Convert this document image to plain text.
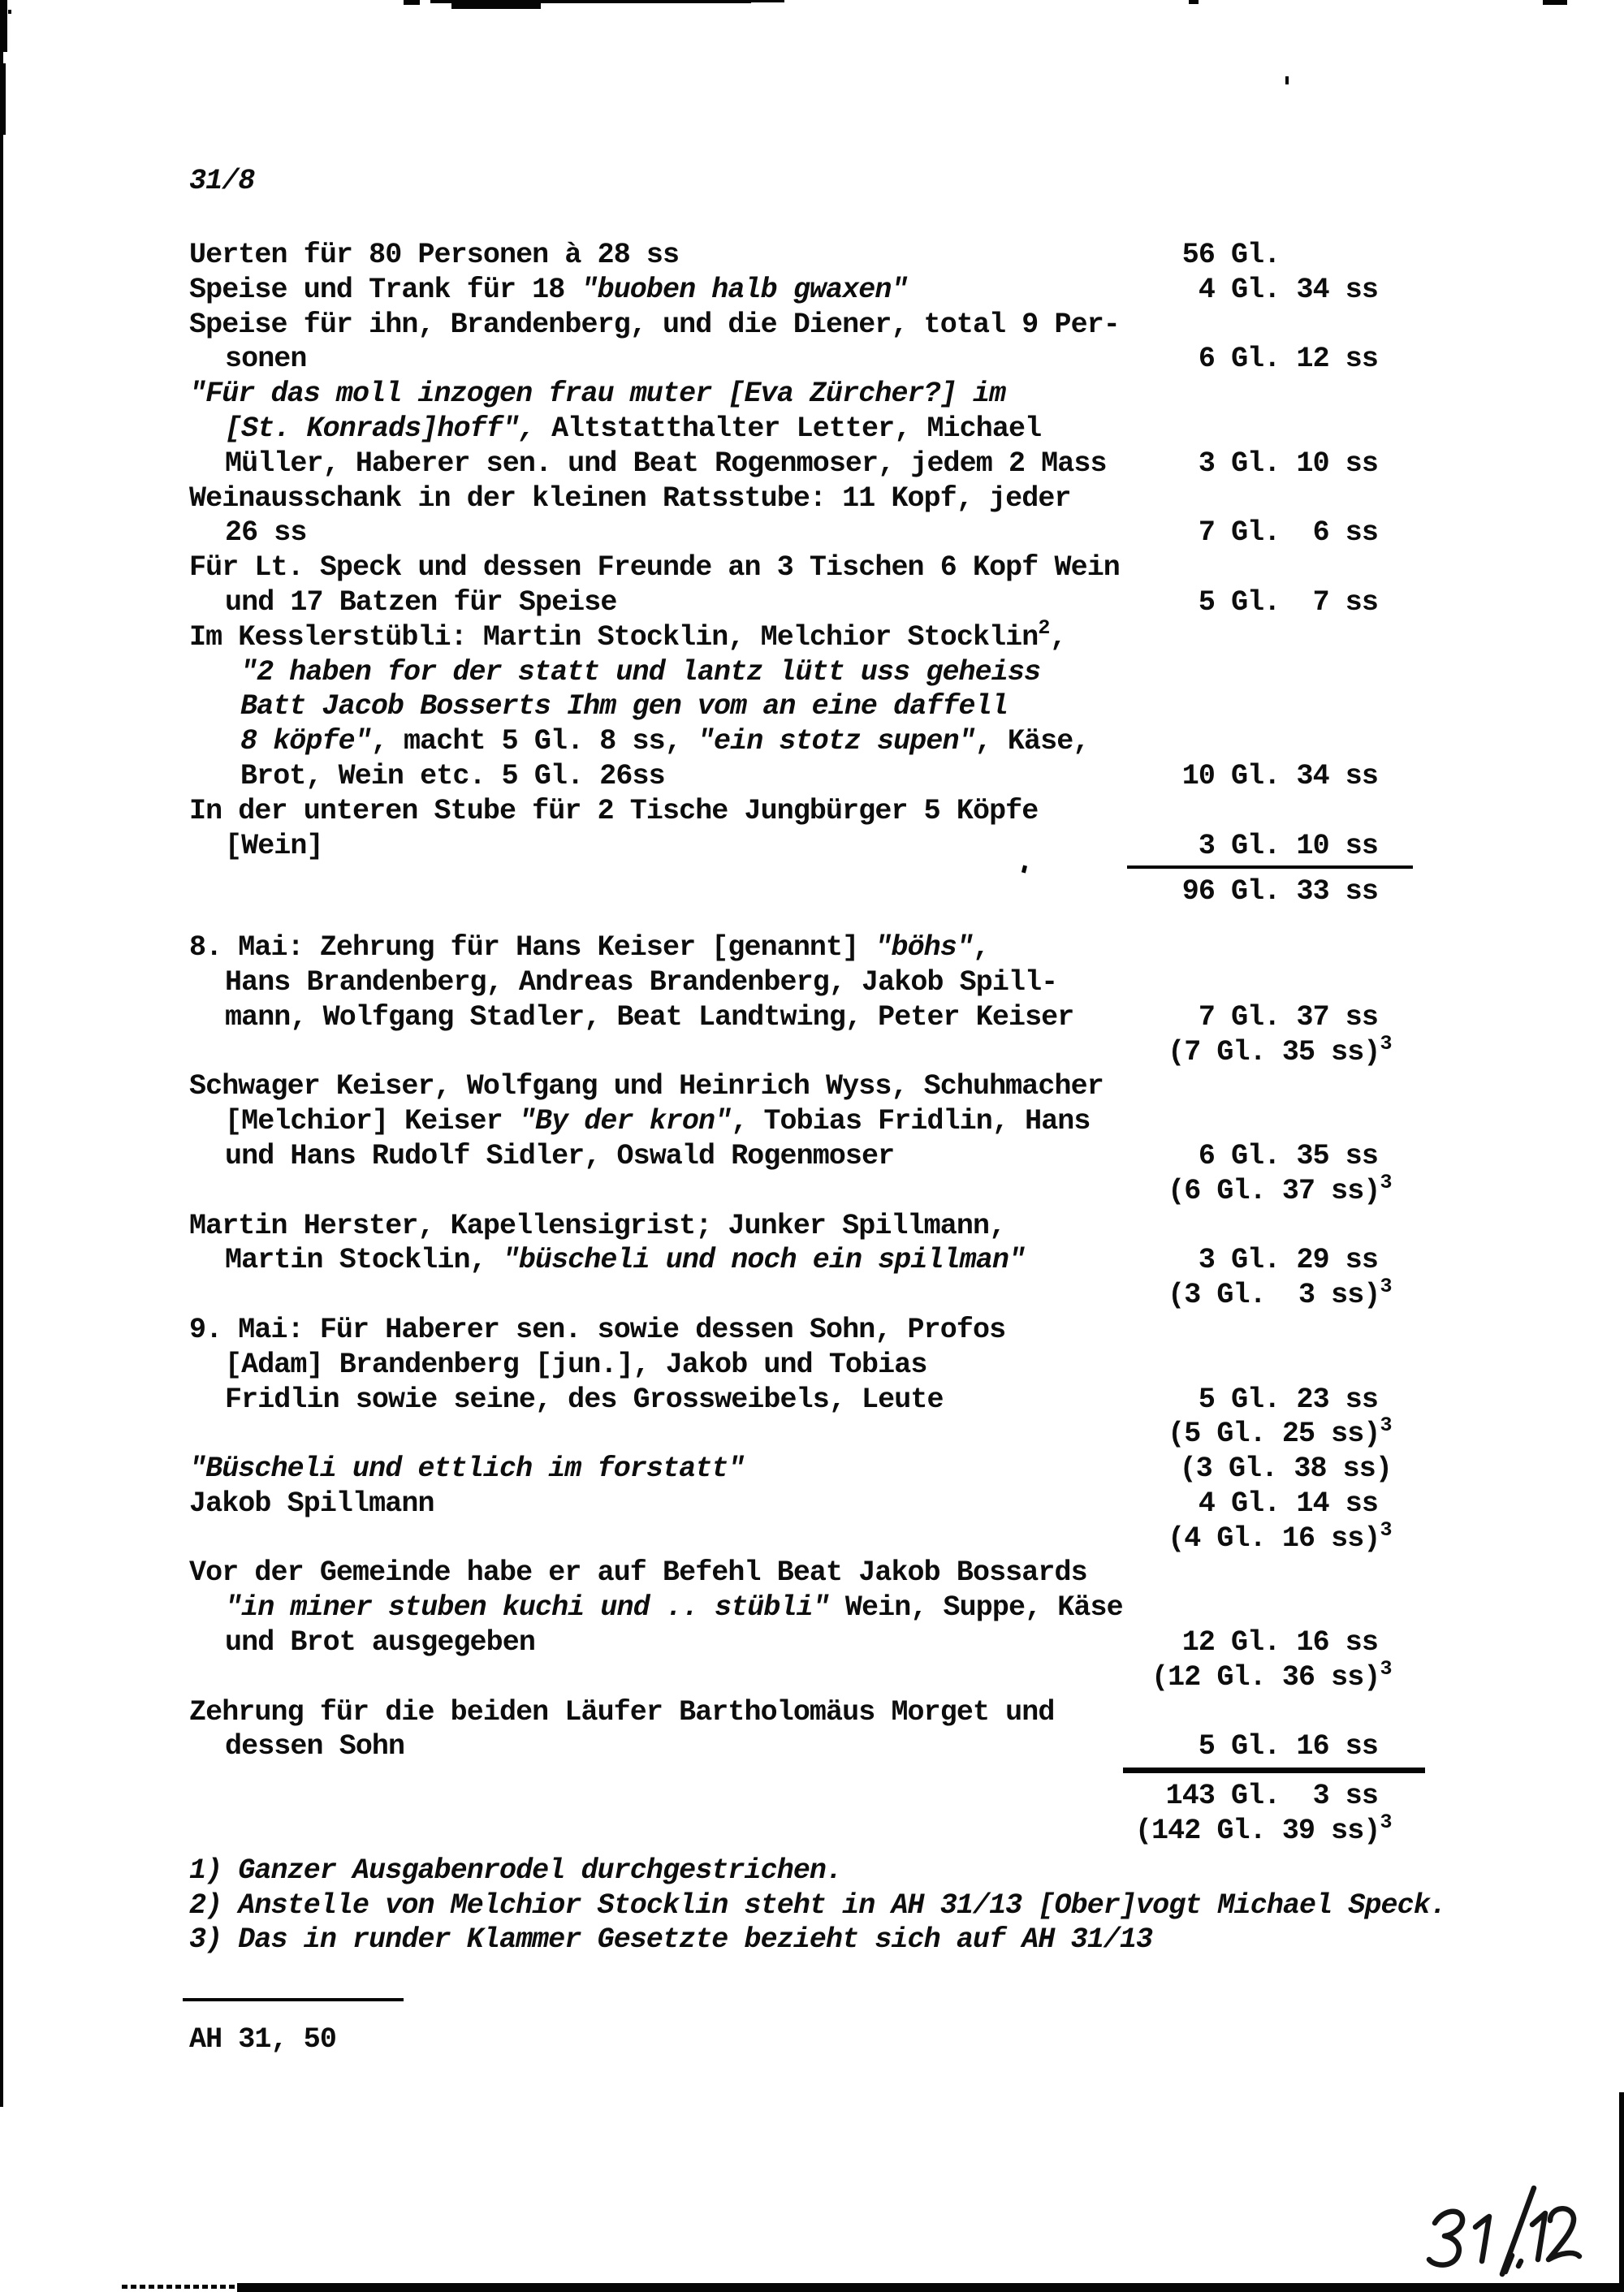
31/8
Uerten für 80 Personen à 28 ss	56 Gl.
Speise und Trank für 18 "buoben halb gwaxen"	4 Gl. 34 ss
Speise für ihn, Brandenberg, und die Diener, total 9 Per-
sonen	6 Gl. 12 ss
"Für das moll inzogen frau muter [Eva Zürcher?] im
[St. Konrads]hoff", Altstatthalter Letter, Michael
Müller, Haberer sen. und Beat Rogenmoser, jedem 2 Mass	3 Gl. 10 ss
Weinausschank in der kleinen Ratsstube: 11 Kopf, jeder
26 ss	7 Gl.  6 ss
Für Lt. Speck und dessen Freunde an 3 Tischen 6 Kopf Wein
und 17 Batzen für Speise	5 Gl.  7 ss
Im Kesslerstübli: Martin Stocklin, Melchior Stocklin$^2$,
"2 haben for der statt und lantz lütt uss geheiss
Batt Jacob Bosserts Ihm gen vom an eine daffell
8 köpfe", macht 5 Gl. 8 ss, "ein stotz supen", Käse,
Brot, Wein etc. 5 Gl. 26ss	10 Gl. 34 ss
In der unteren Stube für 2 Tische Jungbürger 5 Köpfe
[Wein]	3 Gl. 10 ss
96 Gl. 33 ss
8. Mai: Zehrung für Hans Keiser [genannt] "böhs",
Hans Brandenberg, Andreas Brandenberg, Jakob Spill-
mann, Wolfgang Stadler, Beat Landtwing, Peter Keiser	7 Gl. 37 ss
(7 Gl. 35 ss)$^3$
Schwager Keiser, Wolfgang und Heinrich Wyss, Schuhmacher
[Melchior] Keiser "By der kron", Tobias Fridlin, Hans
und Hans Rudolf Sidler, Oswald Rogenmoser	6 Gl. 35 ss
(6 Gl. 37 ss)$^3$
Martin Herster, Kapellensigrist; Junker Spillmann,
Martin Stocklin, "büscheli und noch ein spillman"	3 Gl. 29 ss
(3 Gl.  3 ss)$^3$
9. Mai: Für Haberer sen. sowie dessen Sohn, Profos
[Adam] Brandenberg [jun.], Jakob und Tobias
Fridlin sowie seine, des Grossweibels, Leute	5 Gl. 23 ss
(5 Gl. 25 ss)$^3$
"Büscheli und ettlich im forstatt"	(3 Gl. 38 ss)
Jakob Spillmann	4 Gl. 14 ss
(4 Gl. 16 ss)$^3$
Vor der Gemeinde habe er auf Befehl Beat Jakob Bossards
"in miner stuben kuchi und .. stübli" Wein, Suppe, Käse
und Brot ausgegeben	12 Gl. 16 ss
(12 Gl. 36 ss)$^3$
Zehrung für die beiden Läufer Bartholomäus Morget und
dessen Sohn	5 Gl. 16 ss
143 Gl.  3 ss
(142 Gl. 39 ss)$^3$
1) Ganzer Ausgabenrodel durchgestrichen.
2) Anstelle von Melchior Stocklin steht in AH 31/13 [Ober]vogt Michael Speck.
3) Das in runder Klammer Gesetzte bezieht sich auf AH 31/13
AH 31, 50
